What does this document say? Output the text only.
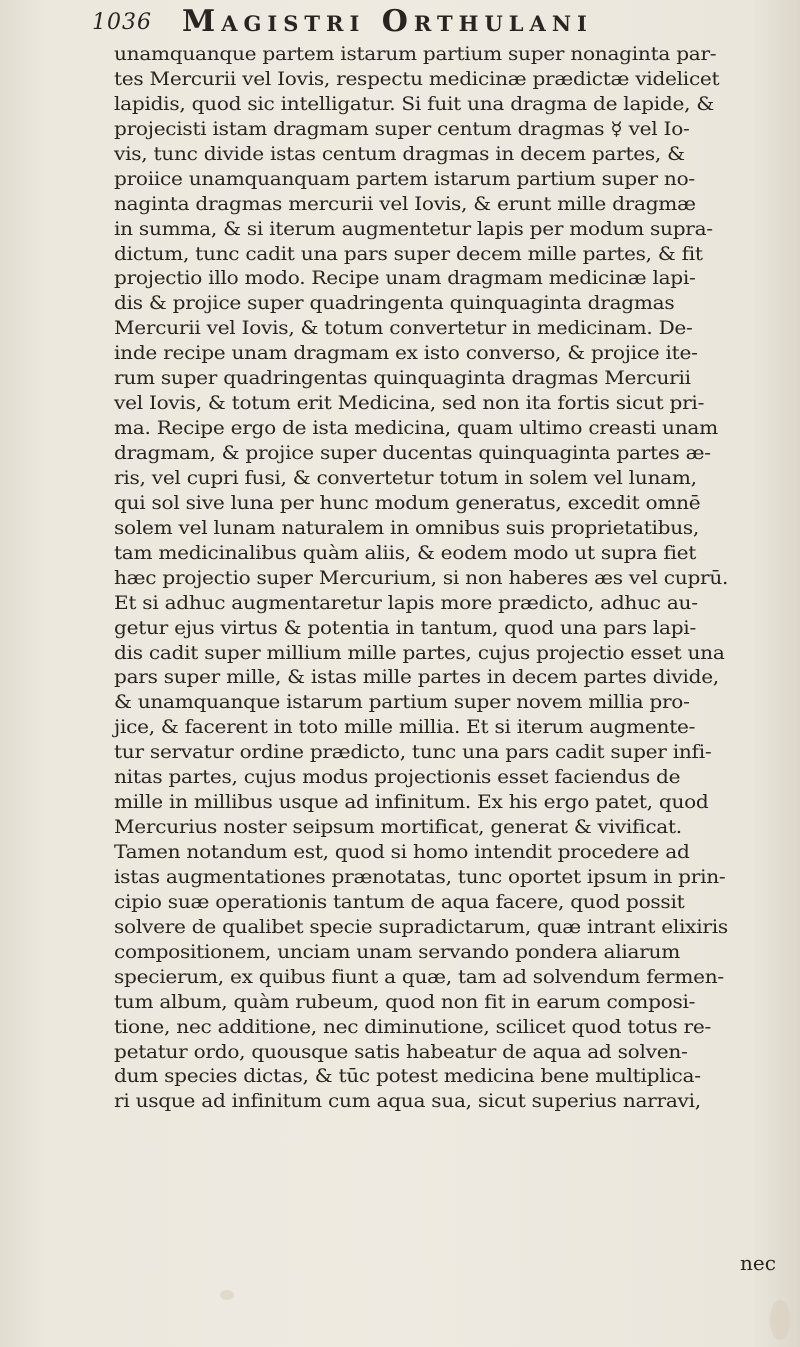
1036 Magistri Orthulani
unamquanque partem istarum partium super nonaginta par-
tes Mercurii vel Iovis, respectu medicinæ prædictæ videlicet
lapidis, quod sic intelligatur. Si fuit una dragma de lapide, &
projecisti istam dragmam super centum dragmas ☿ vel Io-
vis, tunc divide istas centum dragmas in decem partes, &
proiice unamquanquam partem istarum partium super no-
naginta dragmas mercurii vel Iovis, & erunt mille dragmæ
in summa, & si iterum augmentetur lapis per modum supra-
dictum, tunc cadit una pars super decem mille partes, & fit
projectio illo modo. Recipe unam dragmam medicinæ lapi-
dis & projice super quadringenta quinquaginta dragmas
Mercurii vel Iovis, & totum convertetur in medicinam. De-
inde recipe unam dragmam ex isto converso, & projice ite-
rum super quadringentas quinquaginta dragmas Mercurii
vel Iovis, & totum erit Medicina, sed non ita fortis sicut pri-
ma. Recipe ergo de ista medicina, quam ultimo creasti unam
dragmam, & projice super ducentas quinquaginta partes æ-
ris, vel cupri fusi, & convertetur totum in solem vel lunam,
qui sol sive luna per hunc modum generatus, excedit omnē
solem vel lunam naturalem in omnibus suis proprietatibus,
tam medicinalibus quàm aliis, & eodem modo ut supra fiet
hæc projectio super Mercurium, si non haberes æs vel cuprū.
Et si adhuc augmentaretur lapis more prædicto, adhuc au-
getur ejus virtus & potentia in tantum, quod una pars lapi-
dis cadit super millium mille partes, cujus projectio esset una
pars super mille, & istas mille partes in decem partes divide,
& unamquanque istarum partium super novem millia pro-
jice, & facerent in toto mille millia. Et si iterum augmente-
tur servatur ordine prædicto, tunc una pars cadit super infi-
nitas partes, cujus modus projectionis esset faciendus de
mille in millibus usque ad infinitum. Ex his ergo patet, quod
Mercurius noster seipsum mortificat, generat & vivificat.
Tamen notandum est, quod si homo intendit procedere ad
istas augmentationes prænotatas, tunc oportet ipsum in prin-
cipio suæ operationis tantum de aqua facere, quod possit
solvere de qualibet specie supradictarum, quæ intrant elixiris
compositionem, unciam unam servando pondera aliarum
specierum, ex quibus fiunt a quæ, tam ad solvendum fermen-
tum album, quàm rubeum, quod non fit in earum composi-
tione, nec additione, nec diminutione, scilicet quod totus re-
petatur ordo, quousque satis habeatur de aqua ad solven-
dum species dictas, & tūc potest medicina bene multiplica-
ri usque ad infinitum cum aqua sua, sicut superius narravi,
nec
